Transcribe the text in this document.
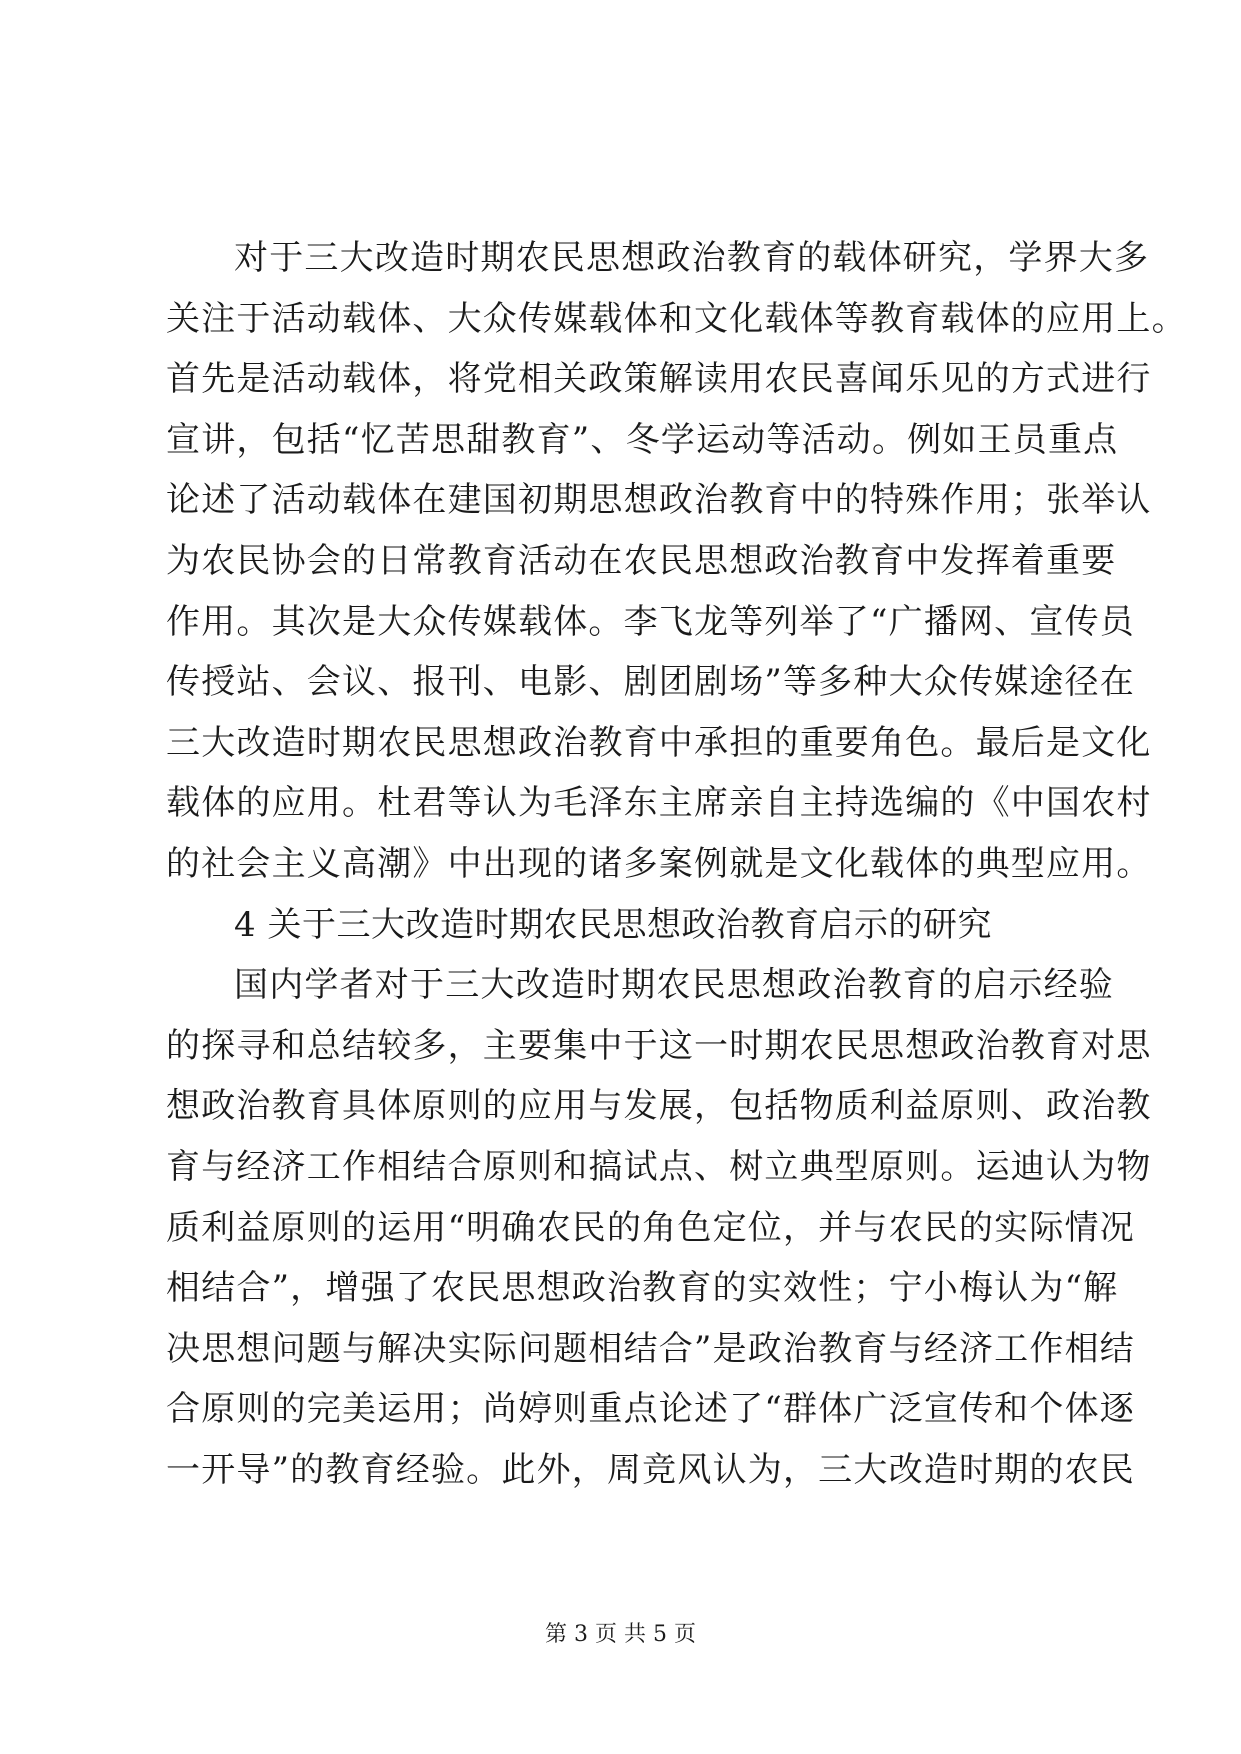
对于三大改造时期农民思想政治教育的载体研究，学界大多
关注于活动载体、大众传媒载体和文化载体等教育载体的应用上。
首先是活动载体，将党相关政策解读用农民喜闻乐见的方式进行
宣讲，包括“忆苦思甜教育”、冬学运动等活动。例如王员重点
论述了活动载体在建国初期思想政治教育中的特殊作用；张举认
为农民协会的日常教育活动在农民思想政治教育中发挥着重要
作用。其次是大众传媒载体。李飞龙等列举了“广播网、宣传员
传授站、会议、报刊、电影、剧团剧场”等多种大众传媒途径在
三大改造时期农民思想政治教育中承担的重要角色。最后是文化
载体的应用。杜君等认为毛泽东主席亲自主持选编的《中国农村
的社会主义高潮》中出现的诸多案例就是文化载体的典型应用。
4 关于三大改造时期农民思想政治教育启示的研究
国内学者对于三大改造时期农民思想政治教育的启示经验
的探寻和总结较多，主要集中于这一时期农民思想政治教育对思
想政治教育具体原则的应用与发展，包括物质利益原则、政治教
育与经济工作相结合原则和搞试点、树立典型原则。运迪认为物
质利益原则的运用“明确农民的角色定位，并与农民的实际情况
相结合”，增强了农民思想政治教育的实效性；宁小梅认为“解
决思想问题与解决实际问题相结合”是政治教育与经济工作相结
合原则的完美运用；尚婷则重点论述了“群体广泛宣传和个体逐
一开导”的教育经验。此外，周竞风认为，三大改造时期的农民
第 3 页 共 5 页
